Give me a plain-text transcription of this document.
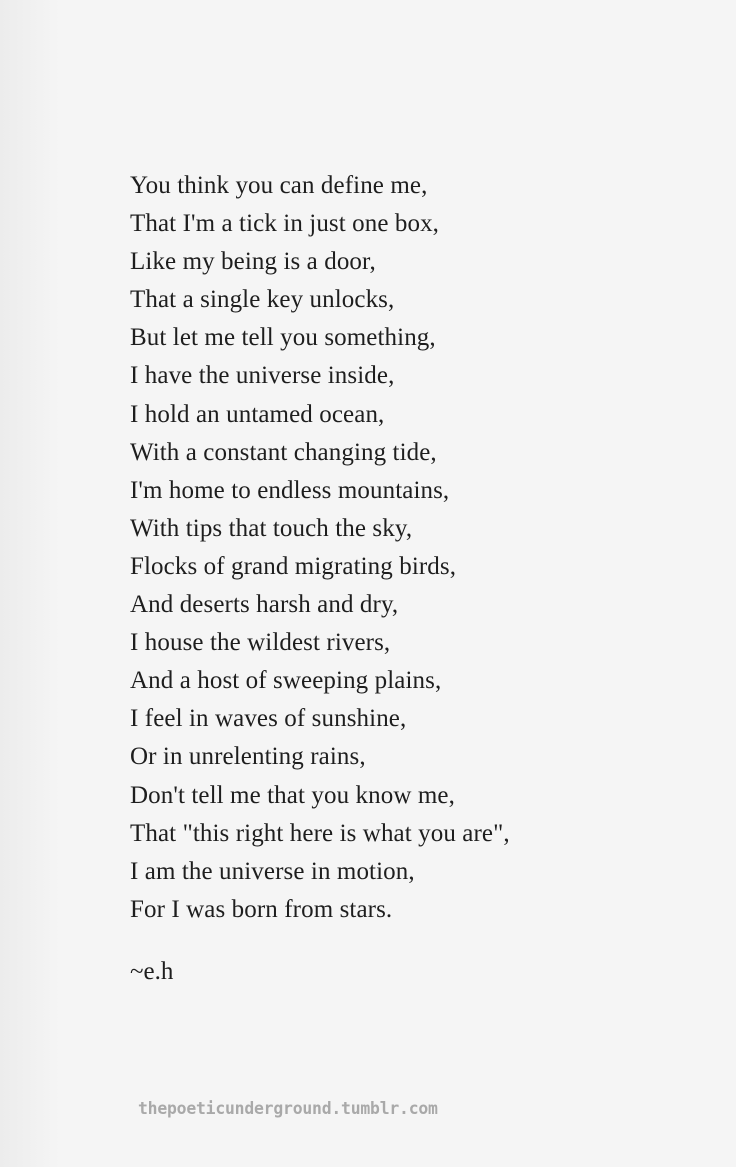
You think you can define me,
That I'm a tick in just one box,
Like my being is a door,
That a single key unlocks,
But let me tell you something,
I have the universe inside,
I hold an untamed ocean,
With a constant changing tide,
I'm home to endless mountains,
With tips that touch the sky,
Flocks of grand migrating birds,
And deserts harsh and dry,
I house the wildest rivers,
And a host of sweeping plains,
I feel in waves of sunshine,
Or in unrelenting rains,
Don't tell me that you know me,
That "this right here is what you are",
I am the universe in motion,
For I was born from stars.
~e.h
thepoeticunderground.tumblr.com
